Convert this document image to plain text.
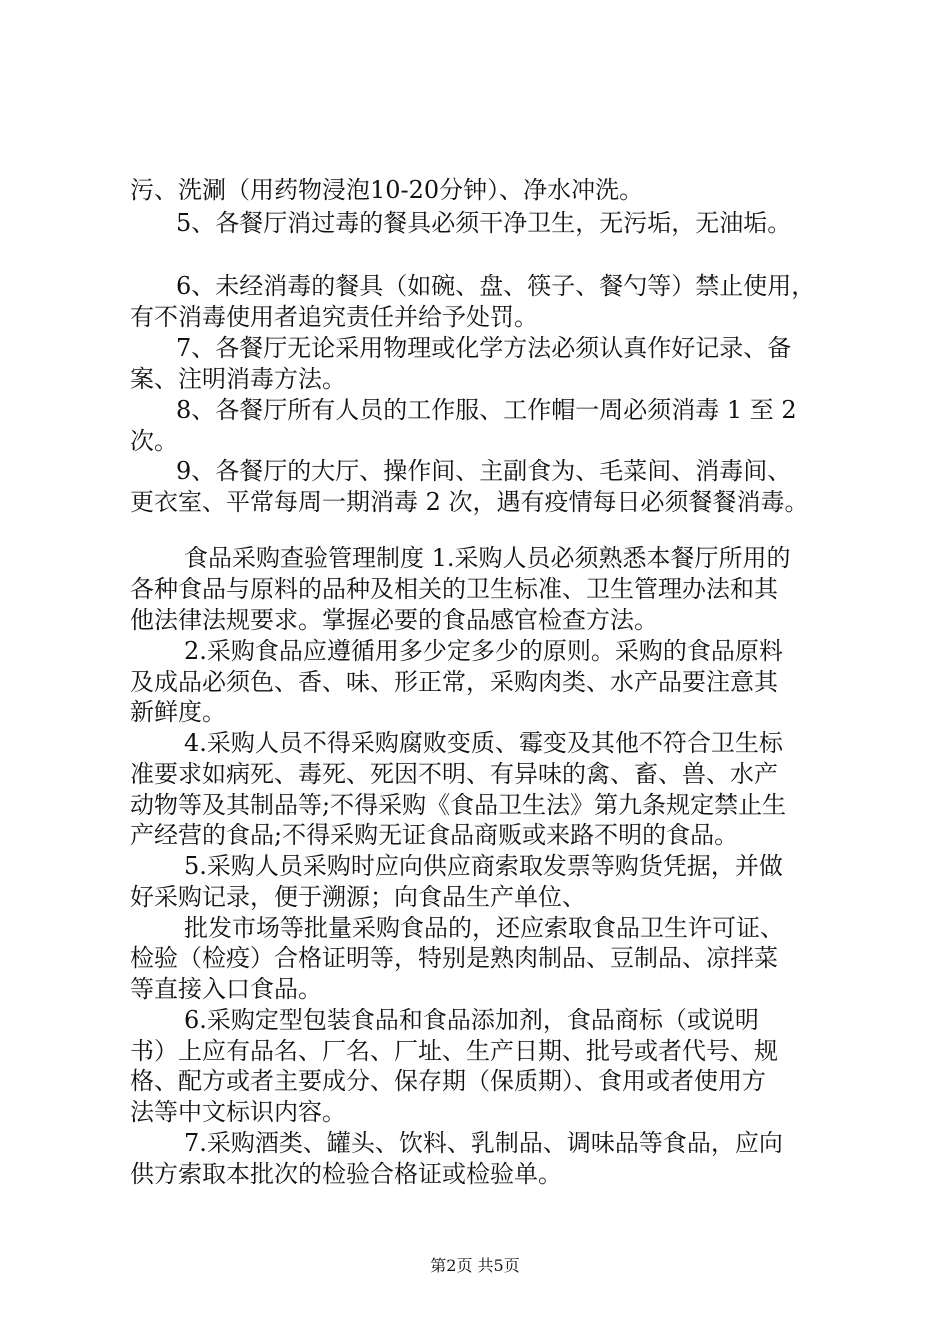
污、洗涮（用药物浸泡10-20分钟）、净水冲洗。
5、各餐厅消过毒的餐具必须干净卫生，无污垢，无油垢。
6、未经消毒的餐具（如碗、盘、筷子、餐勺等）禁止使用，
有不消毒使用者追究责任并给予处罚。
7、各餐厅无论采用物理或化学方法必须认真作好记录、备
案、注明消毒方法。
8、各餐厅所有人员的工作服、工作帽一周必须消毒 1 至 2
次。
9、各餐厅的大厅、操作间、主副食为、毛菜间、消毒间、
更衣室、平常每周一期消毒 2 次，遇有疫情每日必须餐餐消毒。
食品采购查验管理制度 1.采购人员必须熟悉本餐厅所用的
各种食品与原料的品种及相关的卫生标准、卫生管理办法和其
他法律法规要求。掌握必要的食品感官检查方法。
2.采购食品应遵循用多少定多少的原则。采购的食品原料
及成品必须色、香、味、形正常，采购肉类、水产品要注意其
新鲜度。
4.采购人员不得采购腐败变质、霉变及其他不符合卫生标
准要求如病死、毒死、死因不明、有异味的禽、畜、兽、水产
动物等及其制品等;不得采购《食品卫生法》第九条规定禁止生
产经营的食品;不得采购无证食品商贩或来路不明的食品。
5.采购人员采购时应向供应商索取发票等购货凭据，并做
好采购记录，便于溯源；向食品生产单位、
批发市场等批量采购食品的，还应索取食品卫生许可证、
检验（检疫）合格证明等，特别是熟肉制品、豆制品、凉拌菜
等直接入口食品。
6.采购定型包装食品和食品添加剂，食品商标（或说明
书）上应有品名、厂名、厂址、生产日期、批号或者代号、规
格、配方或者主要成分、保存期（保质期）、食用或者使用方
法等中文标识内容。
7.采购酒类、罐头、饮料、乳制品、调味品等食品，应向
供方索取本批次的检验合格证或检验单。
第2页 共5页
